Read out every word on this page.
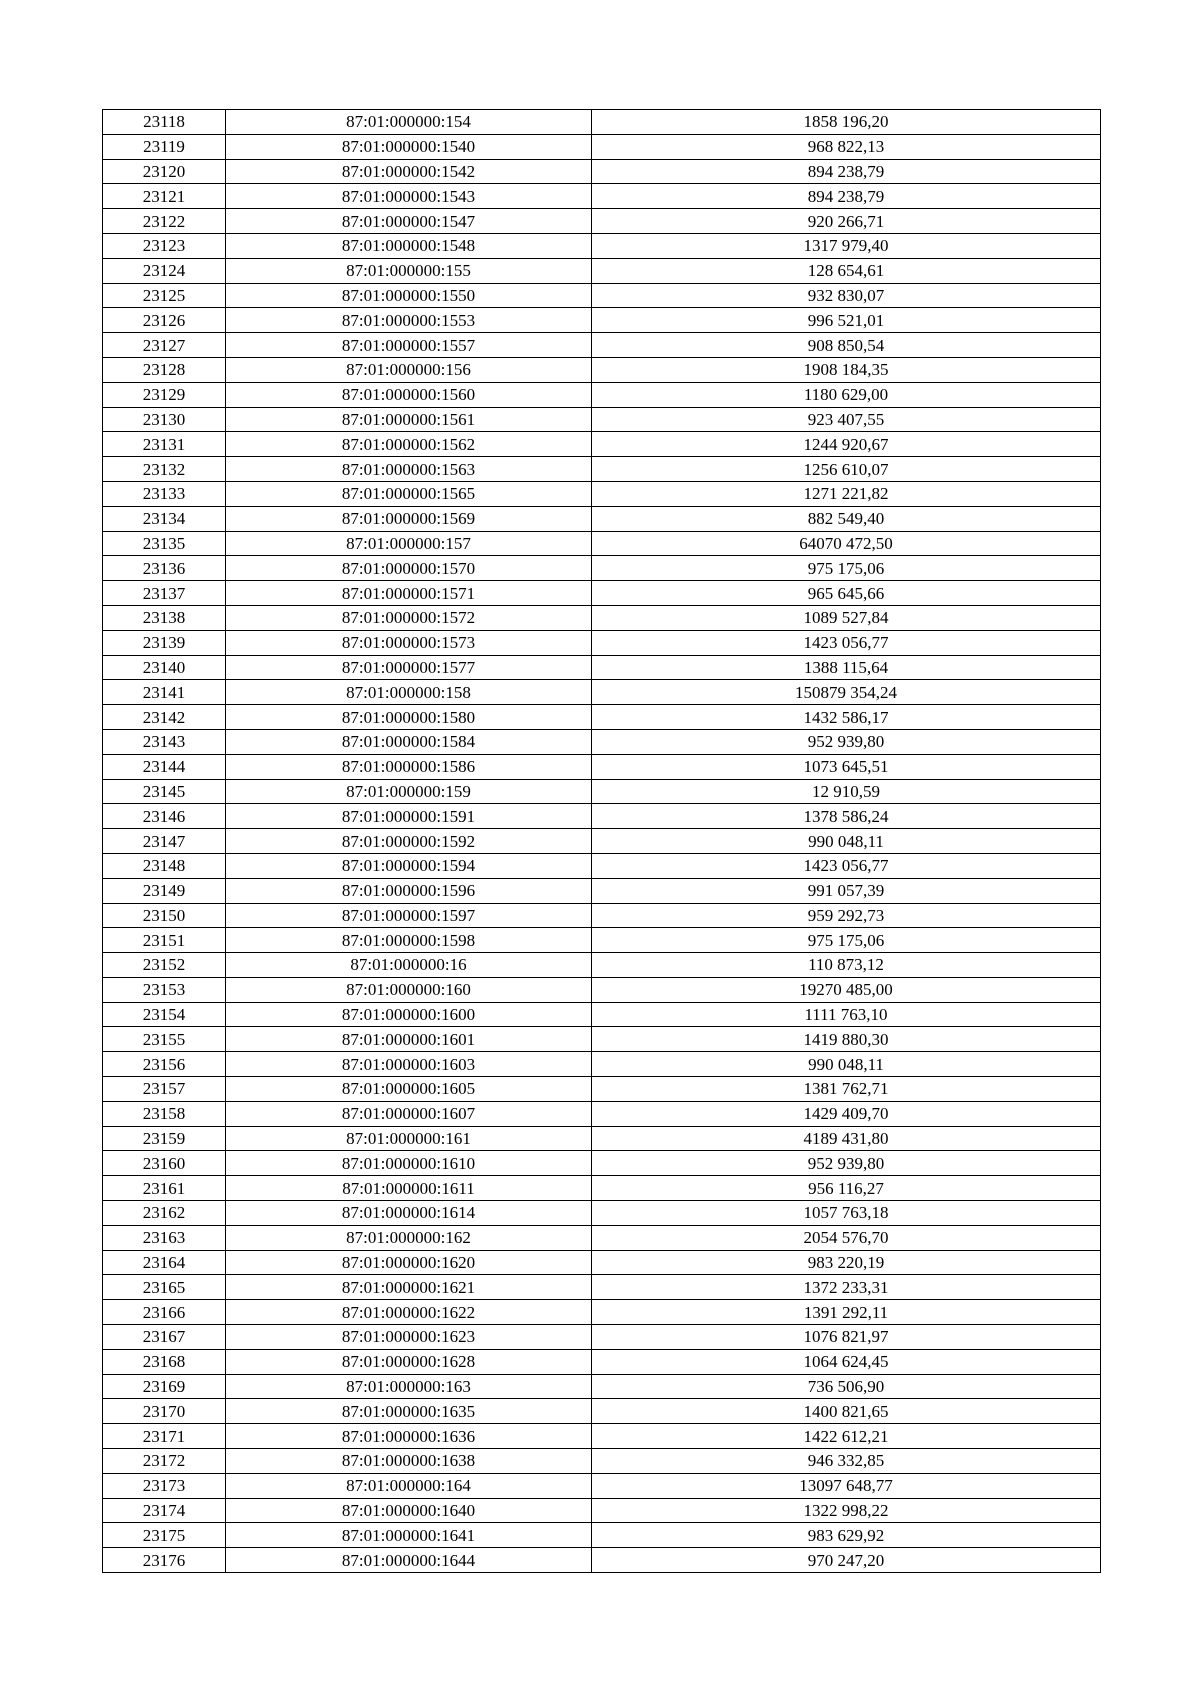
23118	87:01:000000:154	1858 196,20
23119	87:01:000000:1540	968 822,13
23120	87:01:000000:1542	894 238,79
23121	87:01:000000:1543	894 238,79
23122	87:01:000000:1547	920 266,71
23123	87:01:000000:1548	1317 979,40
23124	87:01:000000:155	128 654,61
23125	87:01:000000:1550	932 830,07
23126	87:01:000000:1553	996 521,01
23127	87:01:000000:1557	908 850,54
23128	87:01:000000:156	1908 184,35
23129	87:01:000000:1560	1180 629,00
23130	87:01:000000:1561	923 407,55
23131	87:01:000000:1562	1244 920,67
23132	87:01:000000:1563	1256 610,07
23133	87:01:000000:1565	1271 221,82
23134	87:01:000000:1569	882 549,40
23135	87:01:000000:157	64070 472,50
23136	87:01:000000:1570	975 175,06
23137	87:01:000000:1571	965 645,66
23138	87:01:000000:1572	1089 527,84
23139	87:01:000000:1573	1423 056,77
23140	87:01:000000:1577	1388 115,64
23141	87:01:000000:158	150879 354,24
23142	87:01:000000:1580	1432 586,17
23143	87:01:000000:1584	952 939,80
23144	87:01:000000:1586	1073 645,51
23145	87:01:000000:159	12 910,59
23146	87:01:000000:1591	1378 586,24
23147	87:01:000000:1592	990 048,11
23148	87:01:000000:1594	1423 056,77
23149	87:01:000000:1596	991 057,39
23150	87:01:000000:1597	959 292,73
23151	87:01:000000:1598	975 175,06
23152	87:01:000000:16	110 873,12
23153	87:01:000000:160	19270 485,00
23154	87:01:000000:1600	1111 763,10
23155	87:01:000000:1601	1419 880,30
23156	87:01:000000:1603	990 048,11
23157	87:01:000000:1605	1381 762,71
23158	87:01:000000:1607	1429 409,70
23159	87:01:000000:161	4189 431,80
23160	87:01:000000:1610	952 939,80
23161	87:01:000000:1611	956 116,27
23162	87:01:000000:1614	1057 763,18
23163	87:01:000000:162	2054 576,70
23164	87:01:000000:1620	983 220,19
23165	87:01:000000:1621	1372 233,31
23166	87:01:000000:1622	1391 292,11
23167	87:01:000000:1623	1076 821,97
23168	87:01:000000:1628	1064 624,45
23169	87:01:000000:163	736 506,90
23170	87:01:000000:1635	1400 821,65
23171	87:01:000000:1636	1422 612,21
23172	87:01:000000:1638	946 332,85
23173	87:01:000000:164	13097 648,77
23174	87:01:000000:1640	1322 998,22
23175	87:01:000000:1641	983 629,92
23176	87:01:000000:1644	970 247,20
